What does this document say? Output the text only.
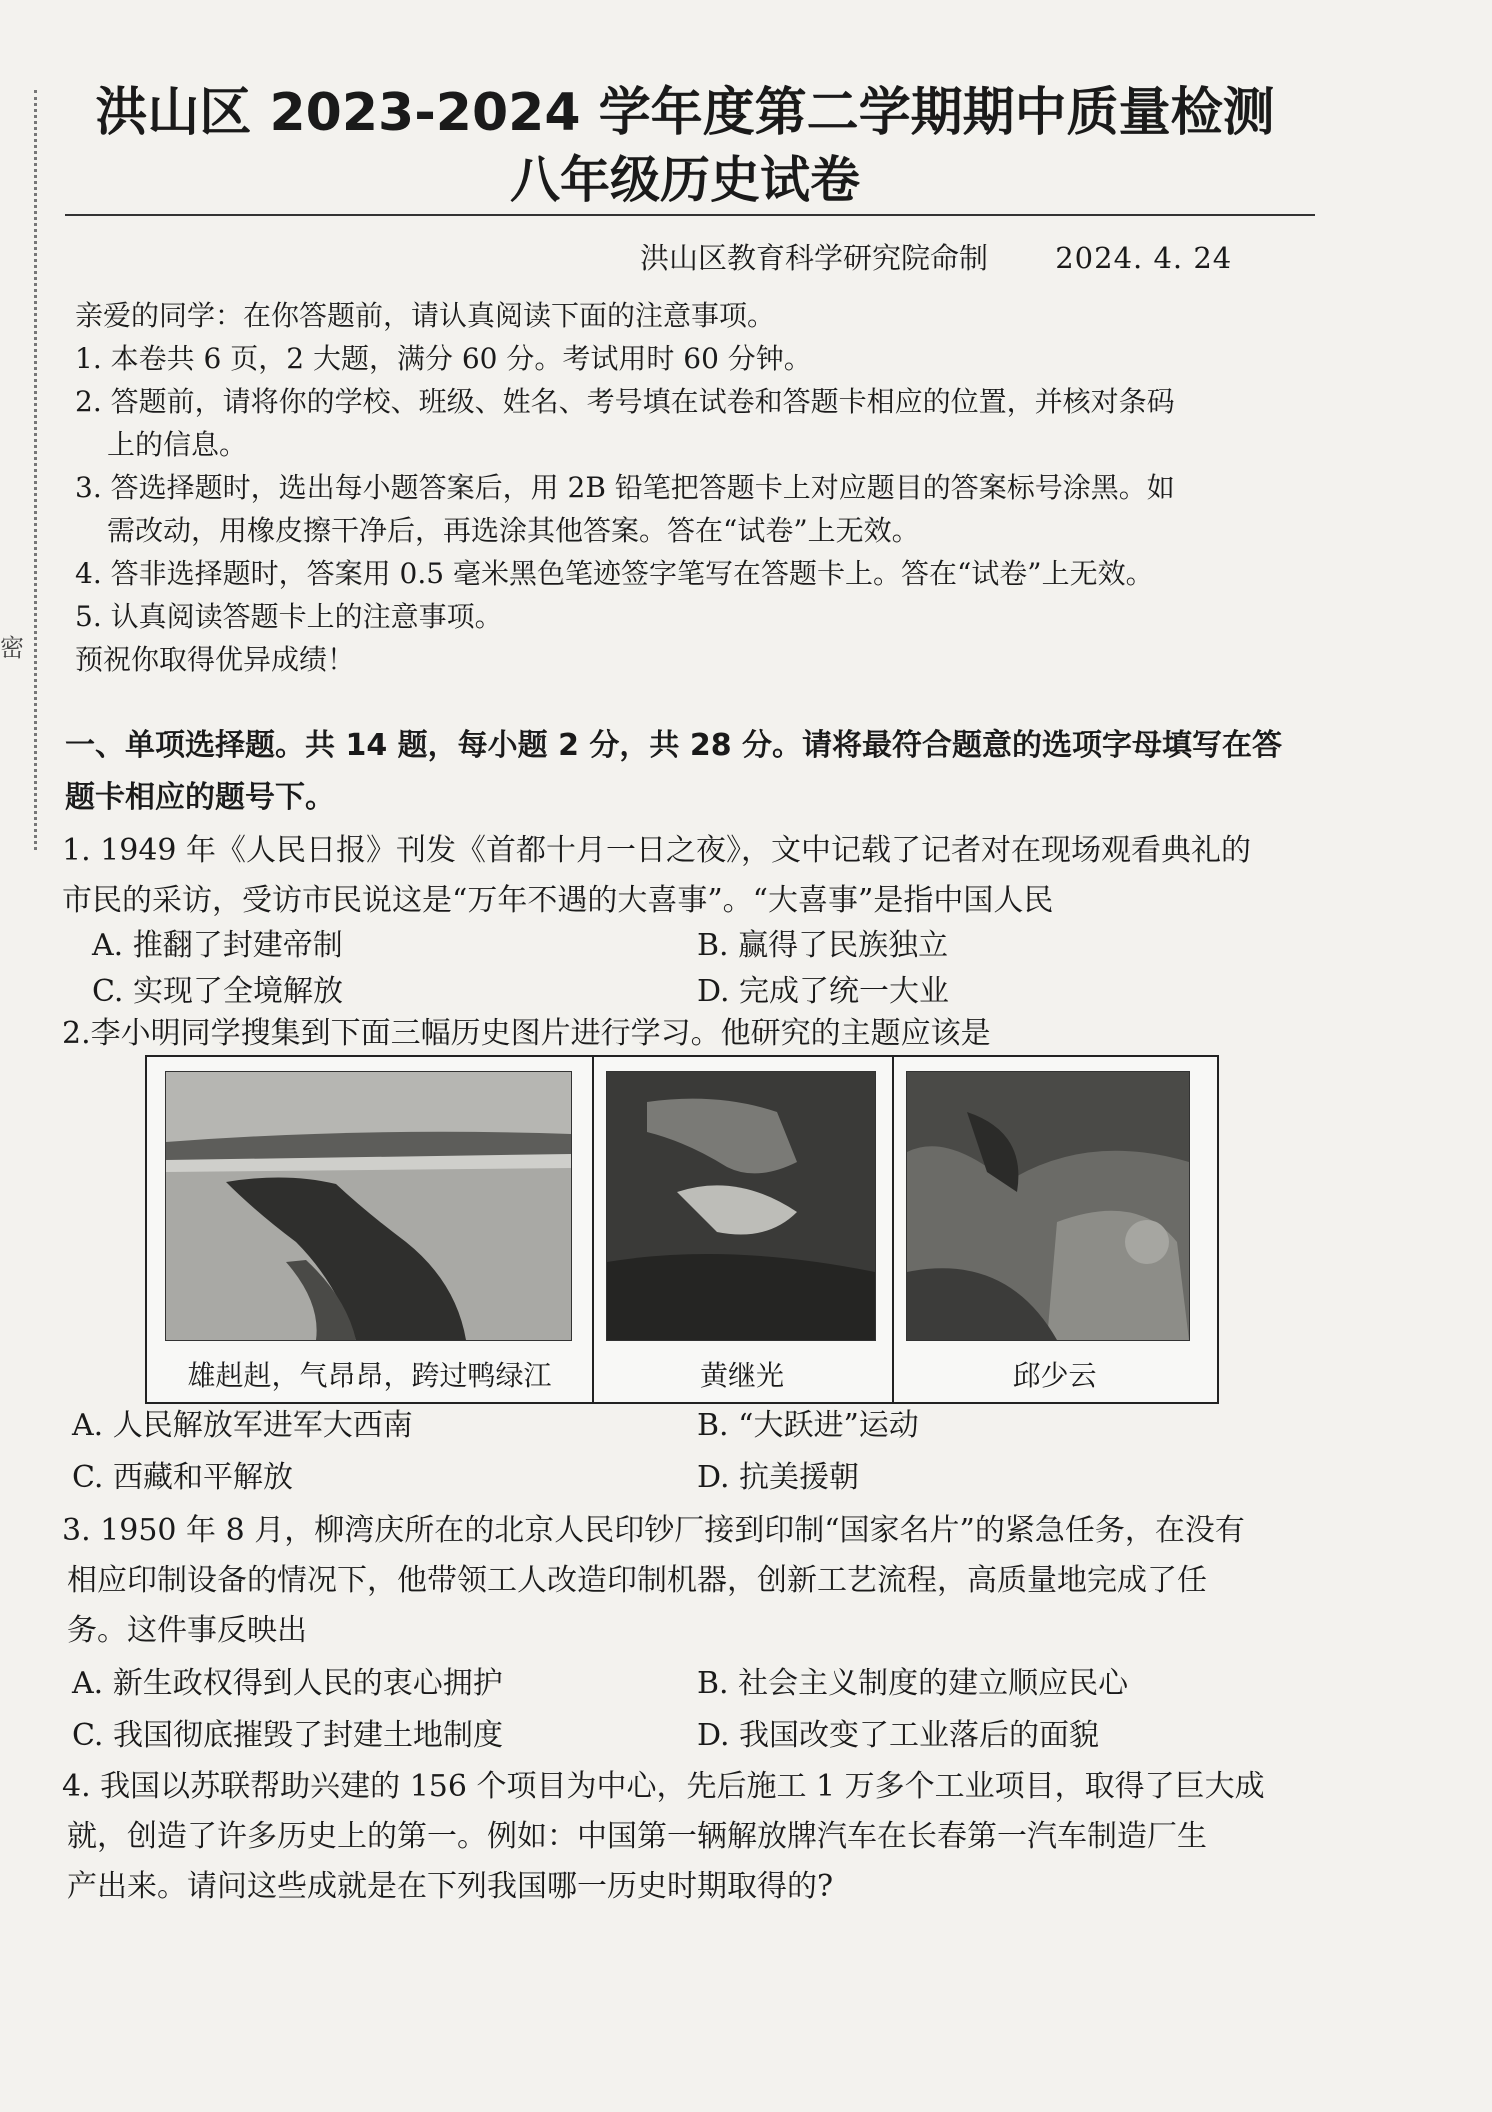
密
洪山区 2023-2024 学年度第二学期期中质量检测
八年级历史试卷
洪山区教育科学研究院命制 2024. 4. 24
亲爱的同学：在你答题前，请认真阅读下面的注意事项。
1. 本卷共 6 页，2 大题，满分 60 分。考试用时 60 分钟。
2. 答题前，请将你的学校、班级、姓名、考号填在试卷和答题卡相应的位置，并核对条码
上的信息。
3. 答选择题时，选出每小题答案后，用 2B 铅笔把答题卡上对应题目的答案标号涂黑。如
需改动，用橡皮擦干净后，再选涂其他答案。答在“试卷”上无效。
4. 答非选择题时，答案用 0.5 毫米黑色笔迹签字笔写在答题卡上。答在“试卷”上无效。
5. 认真阅读答题卡上的注意事项。
预祝你取得优异成绩！
一、单项选择题。共 14 题，每小题 2 分，共 28 分。请将最符合题意的选项字母填写在答
题卡相应的题号下。
1. 1949 年《人民日报》刊发《首都十月一日之夜》，文中记载了记者对在现场观看典礼的
市民的采访，受访市民说这是“万年不遇的大喜事”。“大喜事”是指中国人民
A. 推翻了封建帝制	B. 赢得了民族独立
C. 实现了全境解放	D. 完成了统一大业
2.李小明同学搜集到下面三幅历史图片进行学习。他研究的主题应该是
雄赳赳，气昂昂，跨过鸭绿江	黄继光	邱少云
A. 人民解放军进军大西南	B. “大跃进”运动
C. 西藏和平解放	D. 抗美援朝
3. 1950 年 8 月，柳湾庆所在的北京人民印钞厂接到印制“国家名片”的紧急任务，在没有
相应印制设备的情况下，他带领工人改造印制机器，创新工艺流程，高质量地完成了任
务。这件事反映出
A. 新生政权得到人民的衷心拥护	B. 社会主义制度的建立顺应民心
C. 我国彻底摧毁了封建土地制度	D. 我国改变了工业落后的面貌
4. 我国以苏联帮助兴建的 156 个项目为中心，先后施工 1 万多个工业项目，取得了巨大成
就，创造了许多历史上的第一。例如：中国第一辆解放牌汽车在长春第一汽车制造厂生
产出来。请问这些成就是在下列我国哪一历史时期取得的?
